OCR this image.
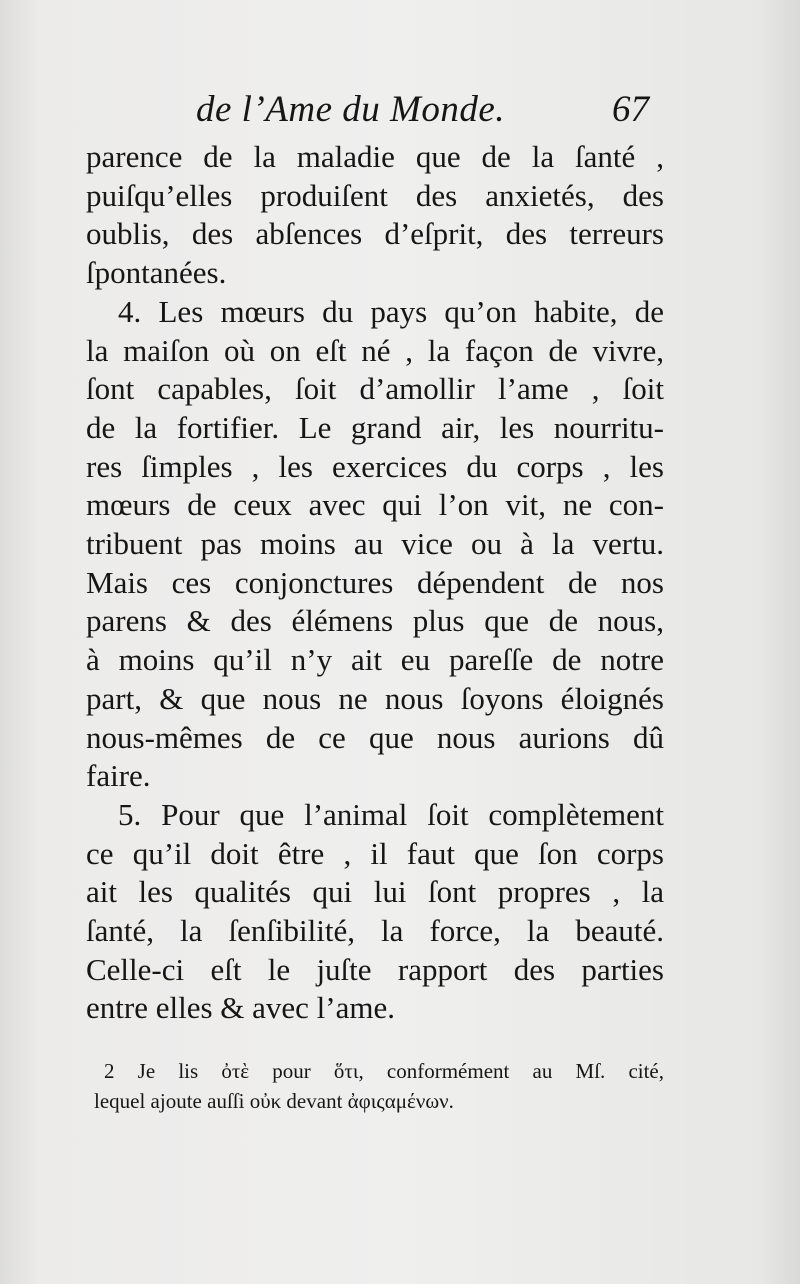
de l’Ame du Monde.	67
parence de la maladie que de la ſanté ,
puiſqu’elles produiſent des anxietés, des
oublis, des abſences d’eſprit, des terreurs
ſpontanées.
4. Les mœurs du pays qu’on habite, de
la maiſon où on eſt né , la façon de vivre,
ſont capables, ſoit d’amollir l’ame , ſoit
de la fortifier. Le grand air, les nourritu-
res ſimples , les exercices du corps , les
mœurs de ceux avec qui l’on vit, ne con-
tribuent pas moins au vice ou à la vertu.
Mais ces conjonctures dépendent de nos
parens & des élémens plus que de nous,
à moins qu’il n’y ait eu pareſſe de notre
part, & que nous ne nous ſoyons éloignés
nous-mêmes de ce que nous aurions dû
faire.
5. Pour que l’animal ſoit complètement
ce qu’il doit être , il faut que ſon corps
ait les qualités qui lui ſont propres , la
ſanté, la ſenſibilité, la force, la beauté.
Celle-ci eſt le juſte rapport des parties
entre elles & avec l’ame.
2 Je lis ὀτὲ pour ὅτι, conformément au Mſ. cité,
lequel ajoute auſſi οὐκ devant ἀφιςαμένων.
